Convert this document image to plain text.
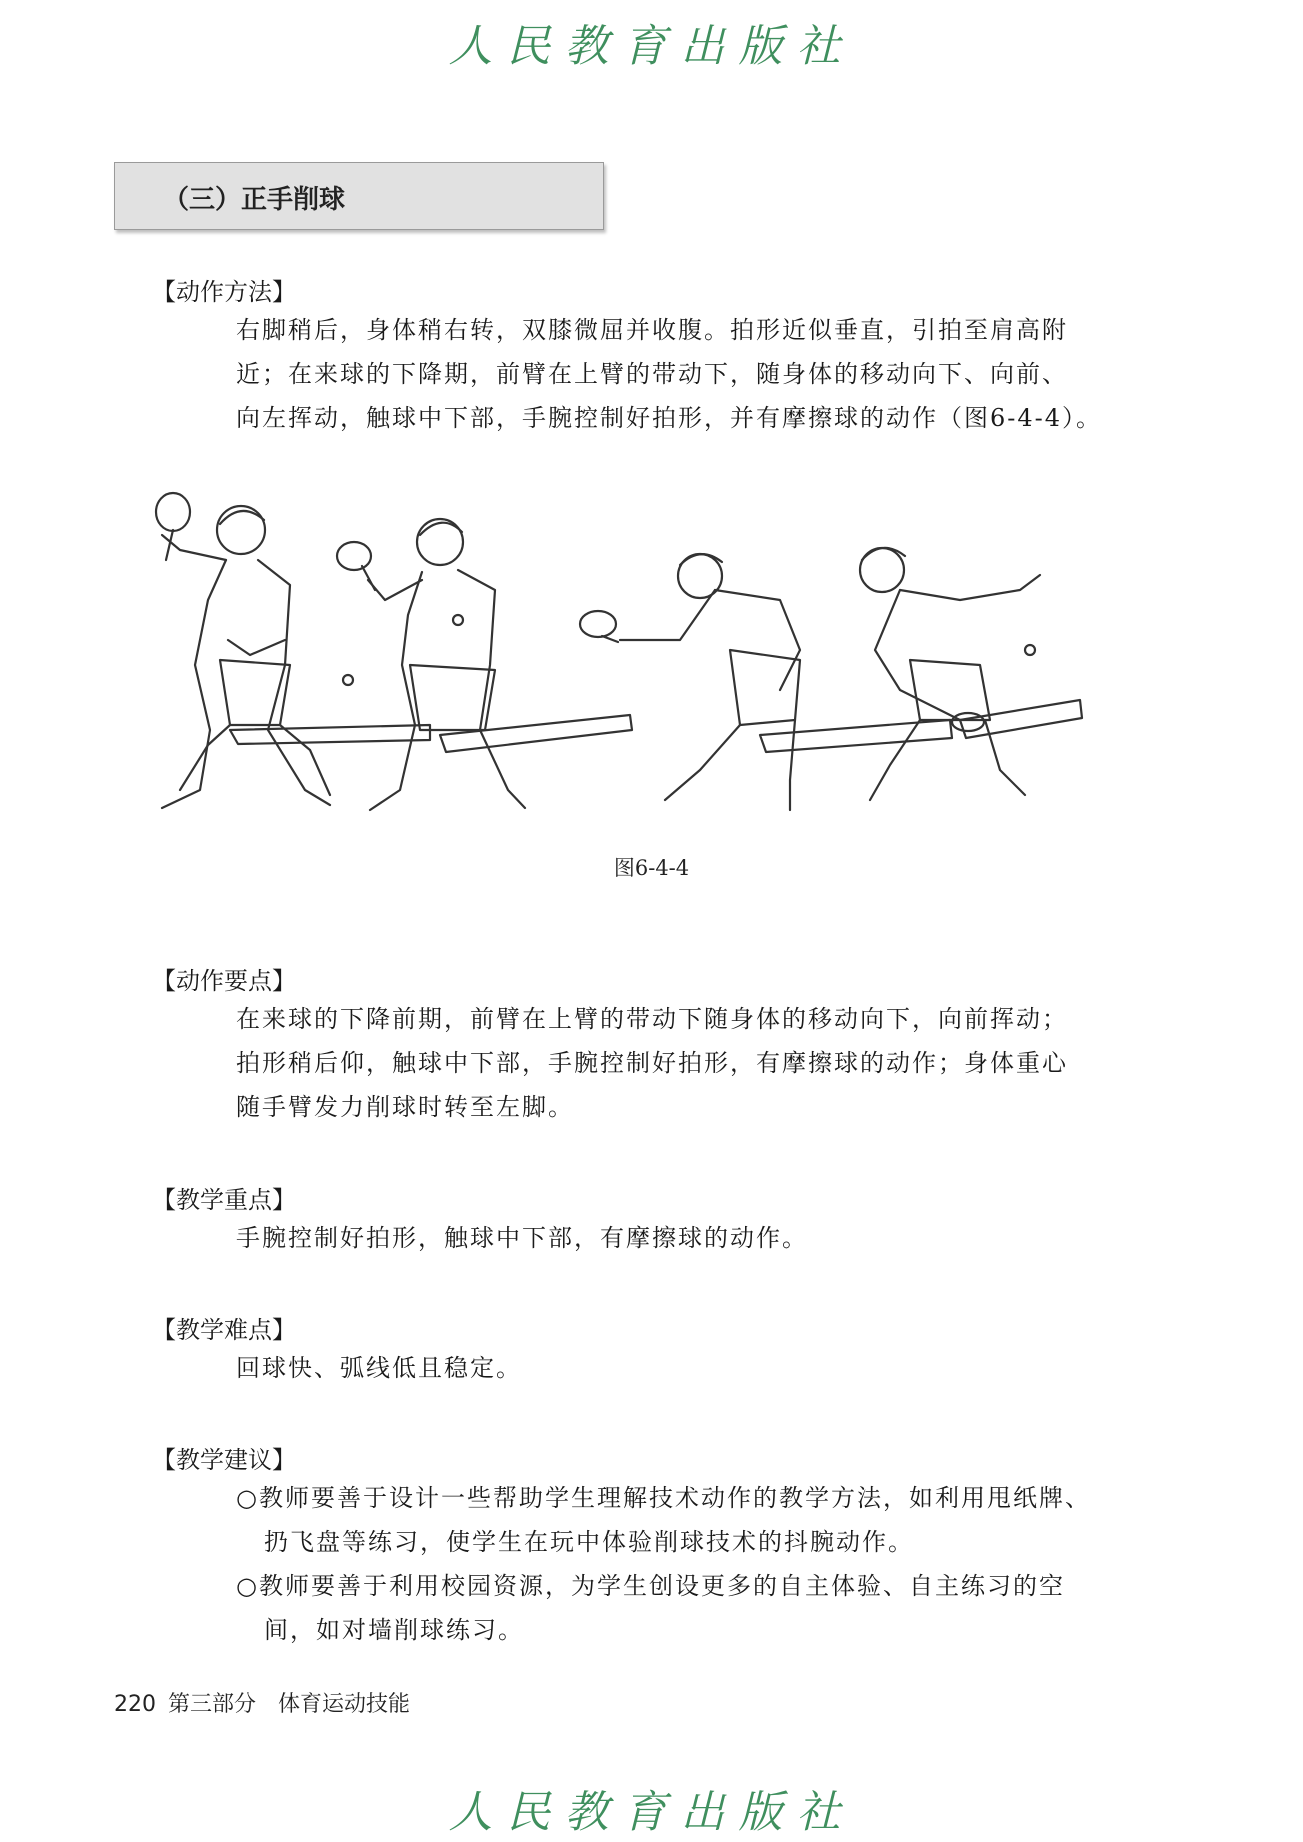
人民教育出版社
（三）正手削球
【动作方法】

右脚稍后，身体稍右转，双膝微屈并收腹。拍形近似垂直，引拍至肩高附

近；在来球的下降期，前臂在上臂的带动下，随身体的移动向下、向前、

向左挥动，触球中下部，手腕控制好拍形，并有摩擦球的动作（图6-4-4）。

图6-4-4
【动作要点】

在来球的下降前期，前臂在上臂的带动下随身体的移动向下，向前挥动；

拍形稍后仰，触球中下部，手腕控制好拍形，有摩擦球的动作；身体重心

随手臂发力削球时转至左脚。

【教学重点】

手腕控制好拍形，触球中下部，有摩擦球的动作。

【教学难点】

回球快、弧线低且稳定。

【教学建议】
○教师要善于设计一些帮助学生理解技术动作的教学方法，如利用甩纸牌、
扔飞盘等练习，使学生在玩中体验削球技术的抖腕动作。
○教师要善于利用校园资源，为学生创设更多的自主体验、自主练习的空
间，如对墙削球练习。
220 第三部分　体育运动技能
人民教育出版社
